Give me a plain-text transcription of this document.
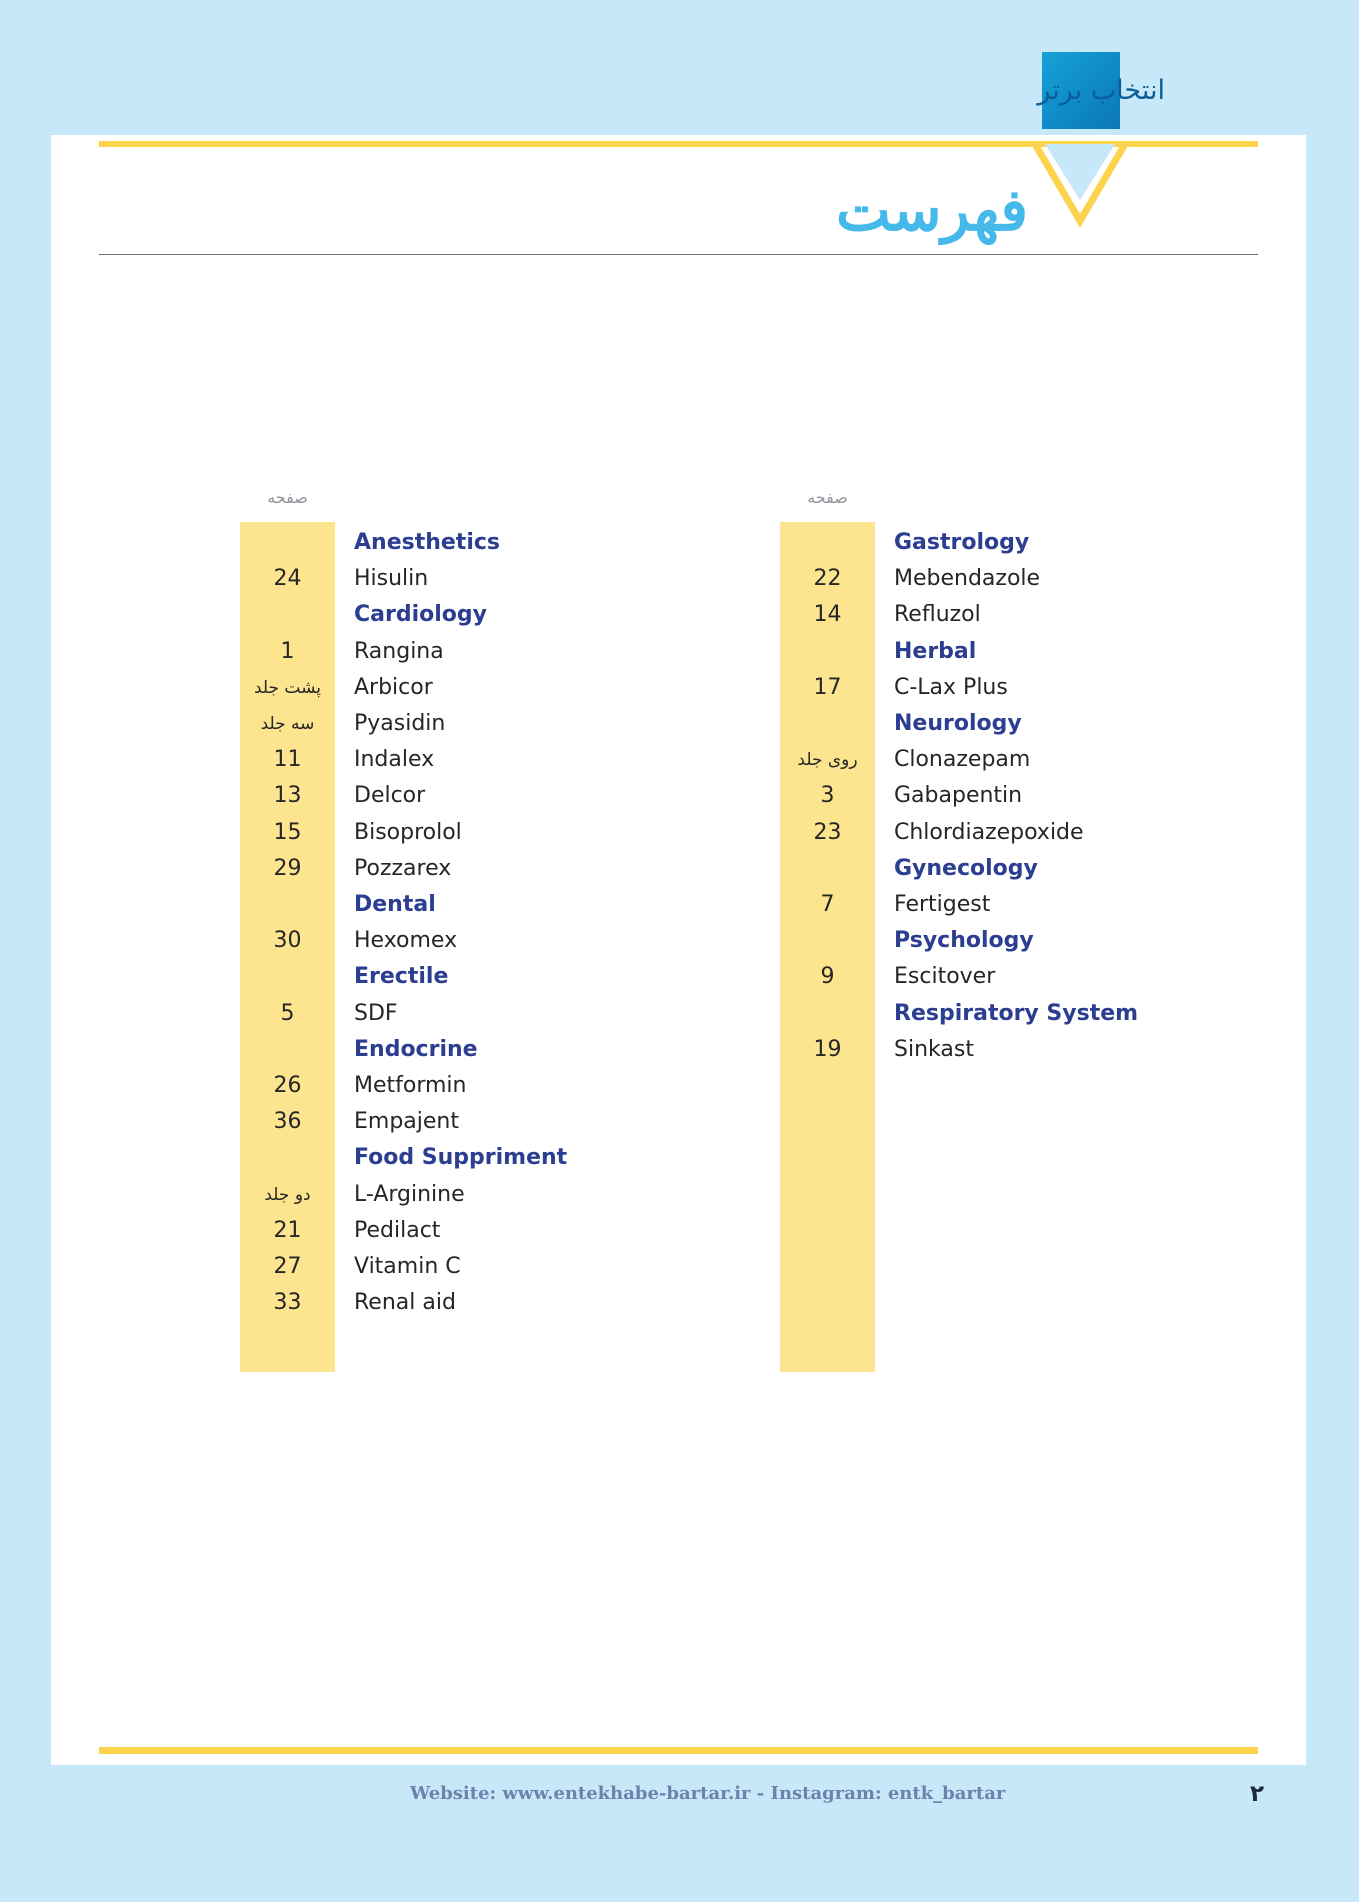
انتخاب برتر
فهرست
صفحه	صفحه
Anesthetics
24	Hisulin
Cardiology
1	Rangina
پشت جلد	Arbicor
سه جلد	Pyasidin
11	Indalex
13	Delcor
15	Bisoprolol
29	Pozzarex
Dental
30	Hexomex
Erectile
5	SDF
Endocrine
26	Metformin
36	Empajent
Food Suppriment
دو جلد	L-Arginine
21	Pedilact
27	Vitamin C
33	Renal aid
Gastrology
22	Mebendazole
14	Refluzol
Herbal
17	C-Lax Plus
Neurology
روی جلد	Clonazepam
3	Gabapentin
23	Chlordiazepoxide
Gynecology
7	Fertigest
Psychology
9	Escitover
Respiratory System
19	Sinkast
Website: www.entekhabe-bartar.ir - Instagram: entk_bartar	۲
